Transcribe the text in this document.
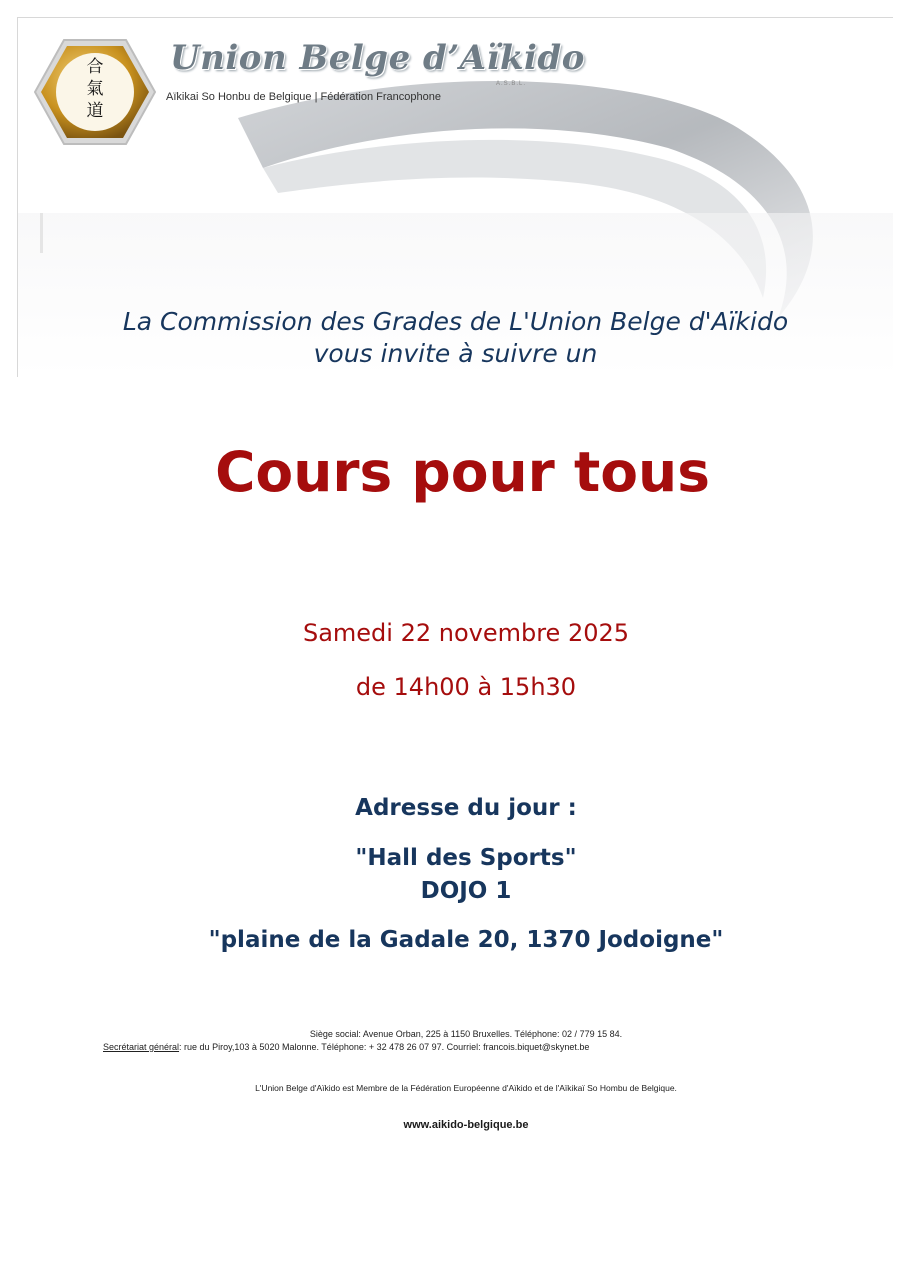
合
氣
道
Union Belge d’Aïkido
A.S.B.L.
Aïkikai So Honbu de Belgique | Fédération Francophone
La Commission des Grades de L'Union Belge d'Aïkido
vous invite à suivre un
Cours pour tous
Samedi 22 novembre 2025
de 14h00 à 15h30
Adresse du jour :
"Hall des Sports"
DOJO 1
"plaine de la Gadale 20, 1370 Jodoigne"
Siège social: Avenue Orban, 225 à 1150 Bruxelles. Téléphone: 02 / 779 15 84.
Secrétariat général: rue du Piroy,103 à 5020 Malonne. Téléphone: + 32 478 26 07 97. Courriel: francois.biquet@skynet.be
L'Union Belge d'Aïkido est Membre de la Fédération Européenne d'Aïkido et de l'Aïkikaï So Hombu de Belgique.
www.aikido-belgique.be
